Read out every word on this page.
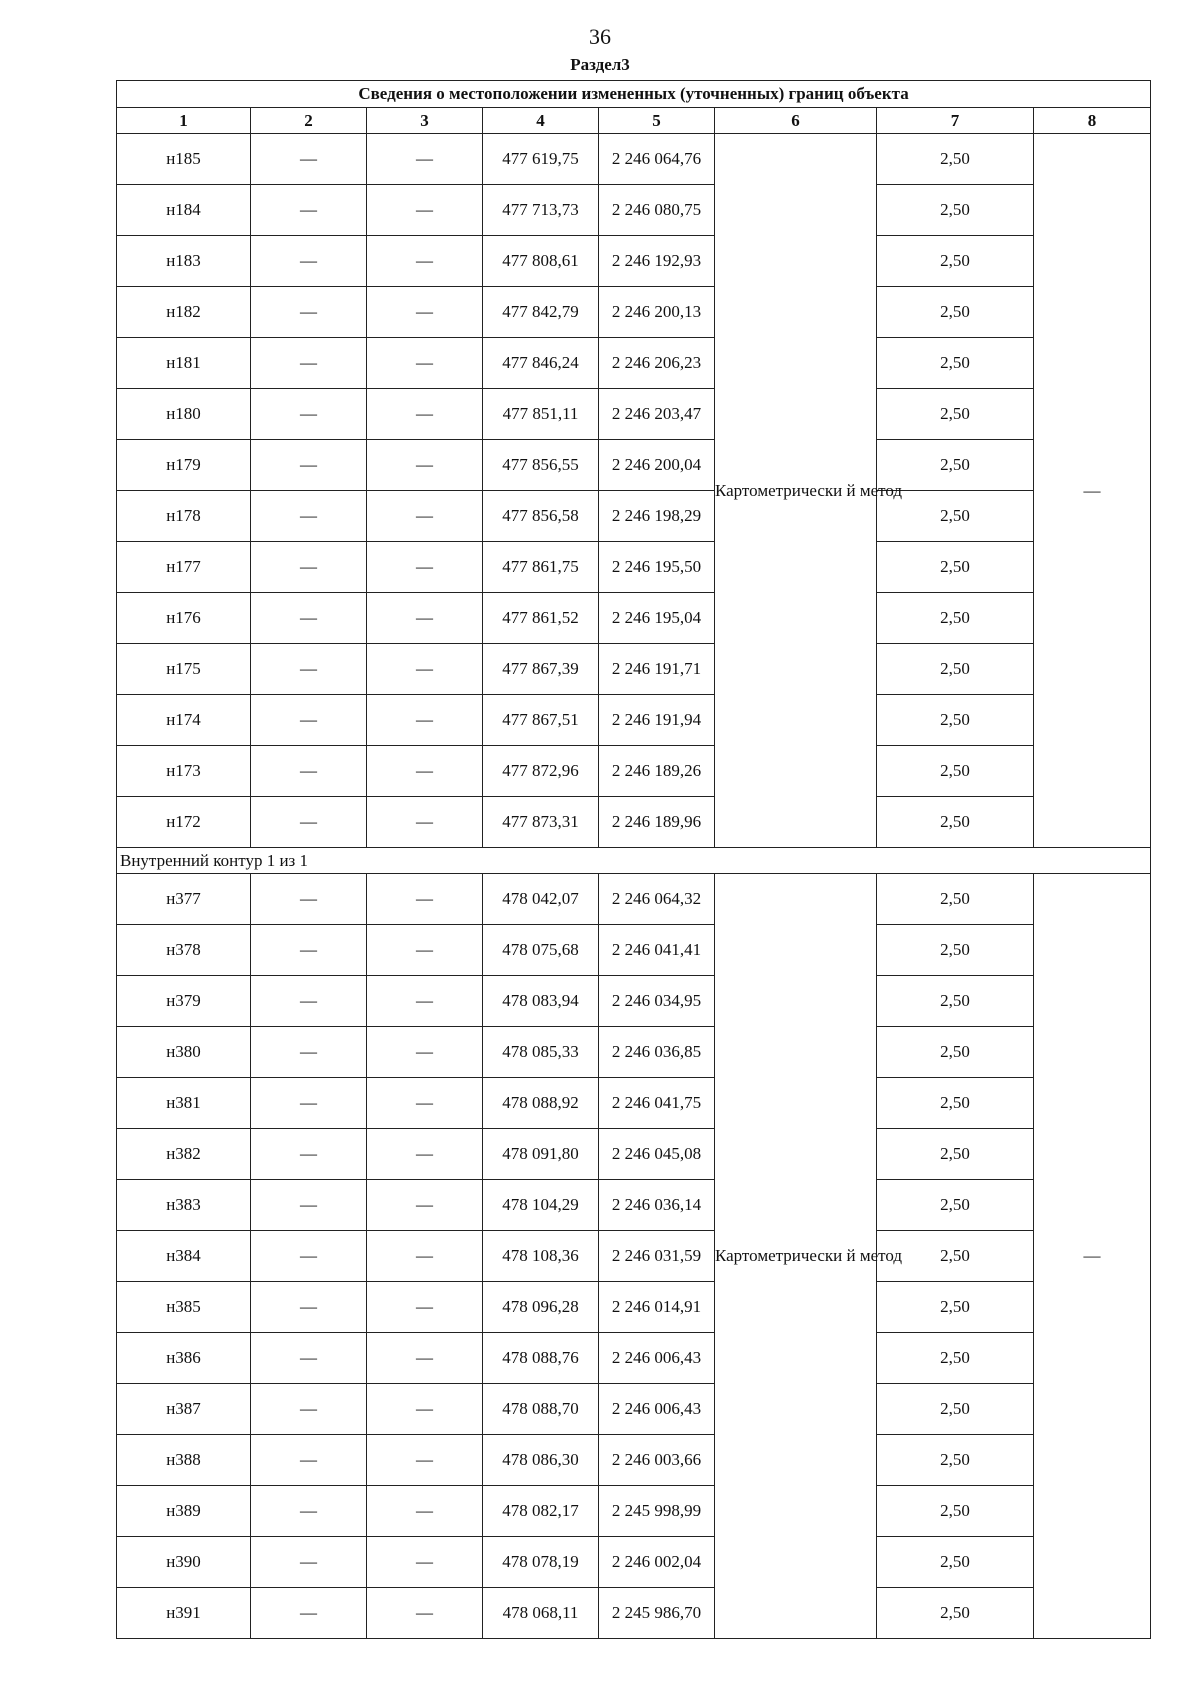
36
Раздел3
Сведения о местоположении измененных (уточненных) границ объекта							
1	2	3	4	5	6	7	8
н185	—	—	477 619,75	2 246 064,76	Картометрически й метод	2,50	—
н184	—	—	477 713,73	2 246 080,75		2,50	
н183	—	—	477 808,61	2 246 192,93		2,50	
н182	—	—	477 842,79	2 246 200,13		2,50	
н181	—	—	477 846,24	2 246 206,23		2,50	
н180	—	—	477 851,11	2 246 203,47		2,50	
н179	—	—	477 856,55	2 246 200,04		2,50	
н178	—	—	477 856,58	2 246 198,29		2,50	
н177	—	—	477 861,75	2 246 195,50		2,50	
н176	—	—	477 861,52	2 246 195,04		2,50	
н175	—	—	477 867,39	2 246 191,71		2,50	
н174	—	—	477 867,51	2 246 191,94		2,50	
н173	—	—	477 872,96	2 246 189,26		2,50	
н172	—	—	477 873,31	2 246 189,96		2,50	
Внутренний контур 1 из 1							
н377	—	—	478 042,07	2 246 064,32	Картометрически й метод	2,50	—
н378	—	—	478 075,68	2 246 041,41		2,50	
н379	—	—	478 083,94	2 246 034,95		2,50	
н380	—	—	478 085,33	2 246 036,85		2,50	
н381	—	—	478 088,92	2 246 041,75		2,50	
н382	—	—	478 091,80	2 246 045,08		2,50	
н383	—	—	478 104,29	2 246 036,14		2,50	
н384	—	—	478 108,36	2 246 031,59		2,50	
н385	—	—	478 096,28	2 246 014,91		2,50	
н386	—	—	478 088,76	2 246 006,43		2,50	
н387	—	—	478 088,70	2 246 006,43		2,50	
н388	—	—	478 086,30	2 246 003,66		2,50	
н389	—	—	478 082,17	2 245 998,99		2,50	
н390	—	—	478 078,19	2 246 002,04		2,50	
н391	—	—	478 068,11	2 245 986,70		2,50	
